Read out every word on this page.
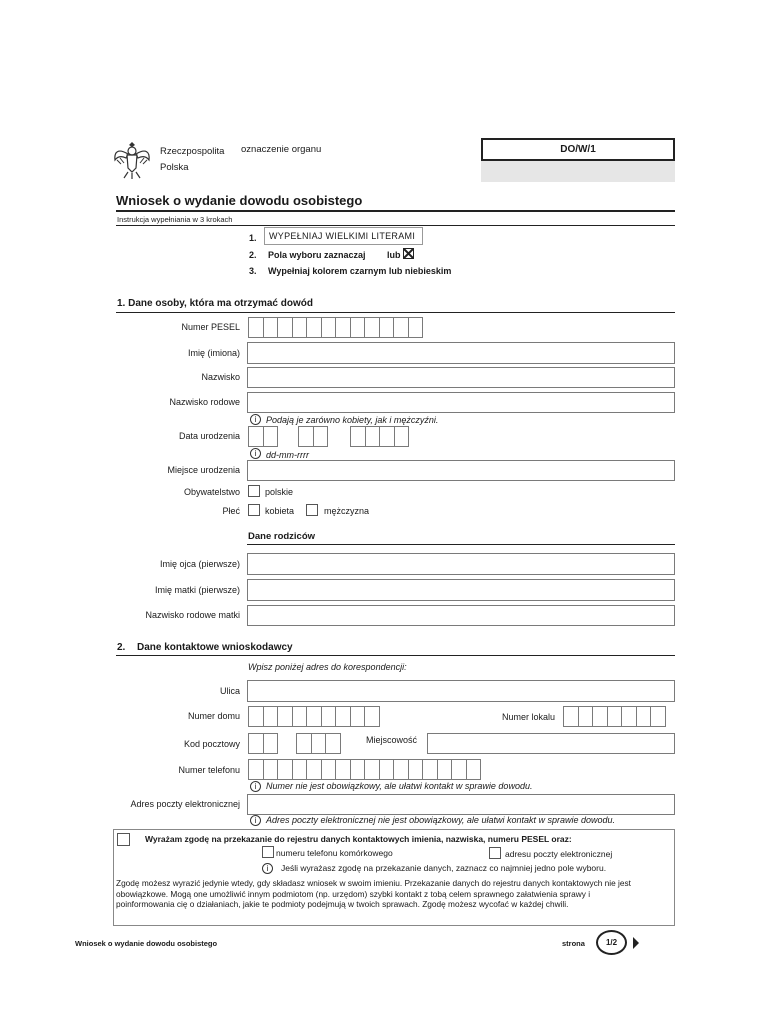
Rzeczpospolita
Polska
oznaczenie organu	DO/W/1
Wniosek o wydanie dowodu osobistego
Instrukcja wypełniania w 3 krokach
1.	WYPEŁNIAJ WIELKIMI LITERAMI
2. Pola wyboru zaznaczaj lub
3. Wypełniaj kolorem czarnym lub niebieskim
1. Dane osoby, która ma otrzymać dowód
Numer PESEL
Imię (imiona)
Nazwisko
Nazwisko rodowe
i	Podają je zarówno kobiety, jak i mężczyźni.
Data urodzenia
i	dd-mm-rrrr
Miejsce urodzenia
Obywatelstwo	polskie
Płeć	kobieta	mężczyzna
Dane rodziców
Imię ojca (pierwsze)
Imię matki (pierwsze)
Nazwisko rodowe matki
2. Dane kontaktowe wnioskodawcy
Wpisz poniżej adres do korespondencji:
Ulica
Numer domu	Numer lokalu
Kod pocztowy	Miejscowość
Numer telefonu
i	Numer nie jest obowiązkowy, ale ułatwi kontakt w sprawie dowodu.
Adres poczty elektronicznej
i	Adres poczty elektronicznej nie jest obowiązkowy, ale ułatwi kontakt w sprawie dowodu.
Wyrażam zgodę na przekazanie do rejestru danych kontaktowych imienia, nazwiska, numeru PESEL oraz:
numeru telefonu komórkowego	adresu poczty elektronicznej
i	Jeśli wyrażasz zgodę na przekazanie danych, zaznacz co najmniej jedno pole wyboru.
Zgodę możesz wyrazić jedynie wtedy, gdy składasz wniosek w swoim imieniu. Przekazanie danych do rejestru danych kontaktowych nie jest obowiązkowe. Mogą one umożliwić innym podmiotom (np. urzędom) szybki kontakt z tobą celem sprawnego załatwienia sprawy i poinformowania cię o działaniach, jakie te podmioty podejmują w twoich sprawach. Zgodę możesz wycofać w każdej chwili.
Wniosek o wydanie dowodu osobistego	strona	1/2
